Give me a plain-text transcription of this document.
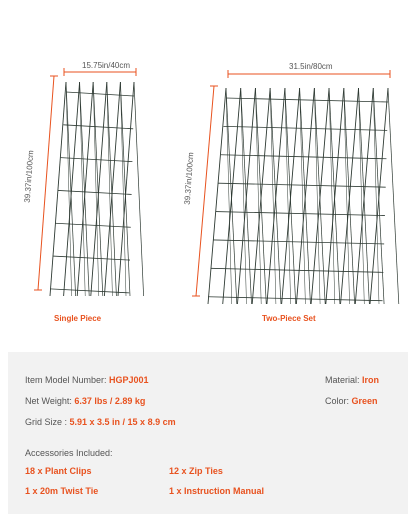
15.75in/40cm
39.37in/100cm
Single Piece
31.5in/80cm
39.37in/100cm
Two-Piece Set
Item Model Number: HGPJ001
Net Weight: 6.37 lbs / 2.89 kg
Grid Size : 5.91 x 3.5 in / 15 x 8.9 cm
Material: Iron
Color: Green
Accessories Included:
18 x Plant Clips	12 x Zip Ties
1 x 20m Twist Tie	1 x Instruction Manual
